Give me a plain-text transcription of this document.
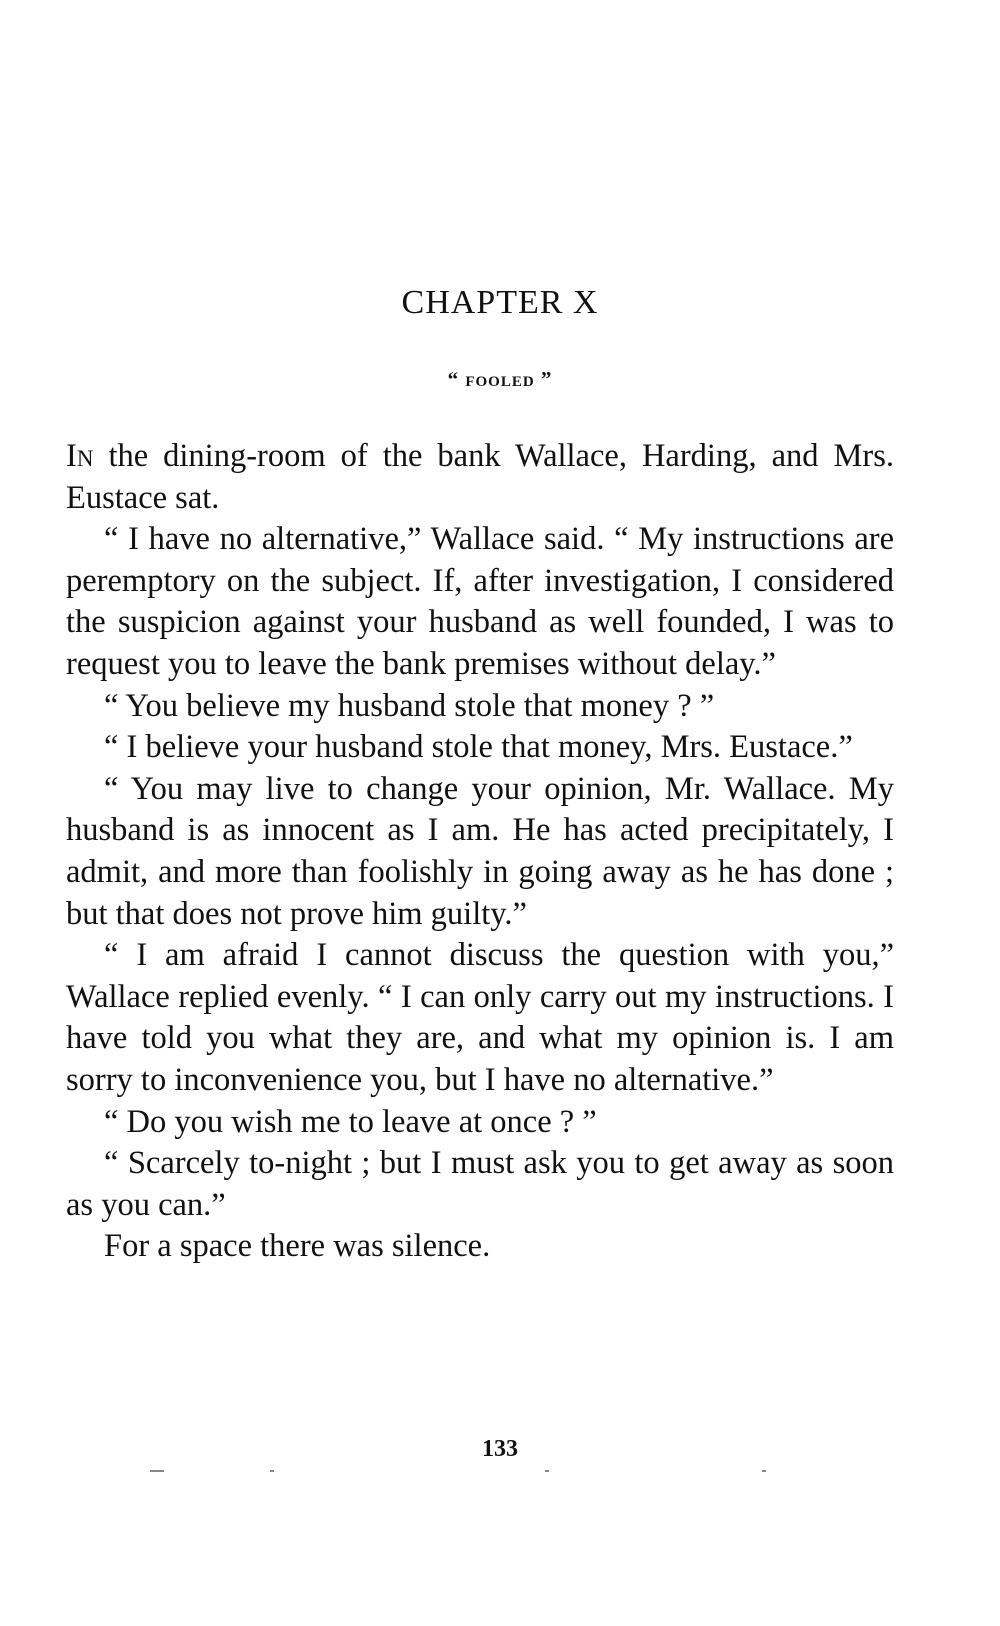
CHAPTER X
“ fooled ”

In the dining-room of the bank Wallace, Harding, and Mrs. Eustace sat.

“ I have no alternative,” Wallace said. “ My instructions are peremptory on the subject. If, after investigation, I considered the suspicion against your husband as well founded, I was to request you to leave the bank premises without delay.”

“ You believe my husband stole that money ? ”

“ I believe your husband stole that money, Mrs. Eustace.”

“ You may live to change your opinion, Mr. Wallace. My husband is as innocent as I am. He has acted precipitately, I admit, and more than foolishly in going away as he has done ; but that does not prove him guilty.”

“ I am afraid I cannot discuss the question with you,” Wallace replied evenly. “ I can only carry out my instructions. I have told you what they are, and what my opinion is. I am sorry to inconvenience you, but I have no alternative.”

“ Do you wish me to leave at once ? ”

“ Scarcely to-night ; but I must ask you to get away as soon as you can.”

For a space there was silence.

133
